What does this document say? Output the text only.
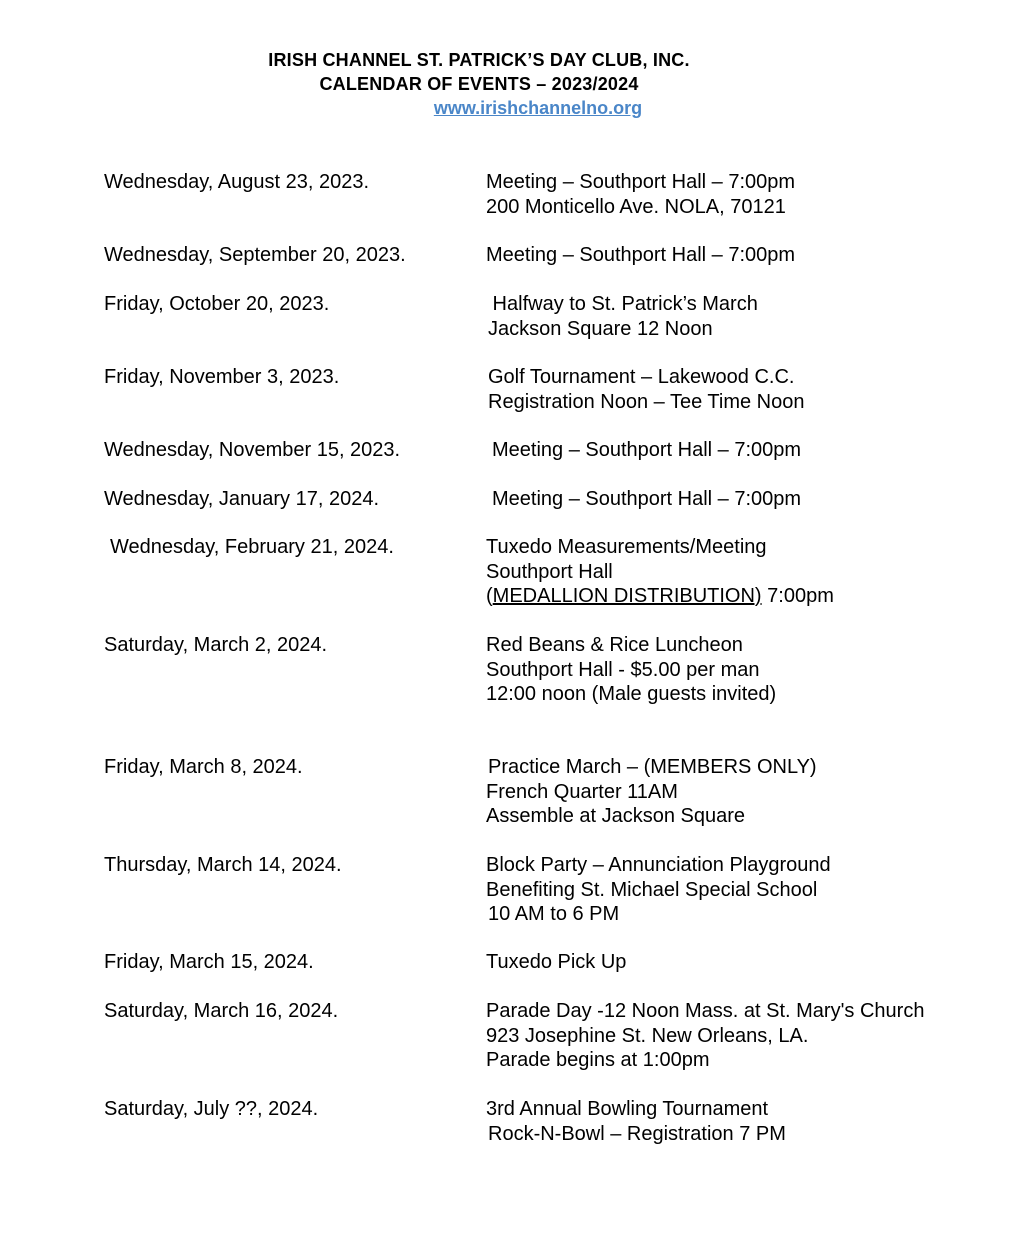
IRISH CHANNEL ST. PATRICK’S DAY CLUB, INC.
CALENDAR OF EVENTS – 2023/2024
www.irishchannelno.org
Wednesday, August 23, 2023.	Meeting – Southport Hall – 7:00pm
200 Monticello Ave. NOLA, 70121
Wednesday, September 20, 2023.	Meeting – Southport Hall – 7:00pm
Friday, October 20, 2023.	Halfway to St. Patrick’s March
Jackson Square 12 Noon
Friday, November 3, 2023.	Golf Tournament – Lakewood C.C.
Registration Noon – Tee Time Noon
Wednesday, November 15, 2023.	Meeting – Southport Hall – 7:00pm
Wednesday, January 17, 2024.	Meeting – Southport Hall – 7:00pm
Wednesday, February 21, 2024.	Tuxedo Measurements/Meeting
Southport Hall
(MEDALLION DISTRIBUTION) 7:00pm
Saturday, March 2, 2024.	Red Beans & Rice Luncheon
Southport Hall - $5.00 per man
12:00 noon (Male guests invited)
Friday, March 8, 2024.	Practice March – (MEMBERS ONLY)
French Quarter 11AM
Assemble at Jackson Square
Thursday, March 14, 2024.	Block Party – Annunciation Playground
Benefiting St. Michael Special School
10 AM to 6 PM
Friday, March 15, 2024.	Tuxedo Pick Up
Saturday, March 16, 2024.	Parade Day -12 Noon Mass. at St. Mary's Church
923 Josephine St. New Orleans, LA.
Parade begins at 1:00pm
Saturday, July ??, 2024.	3rd Annual Bowling Tournament
Rock-N-Bowl – Registration 7 PM
